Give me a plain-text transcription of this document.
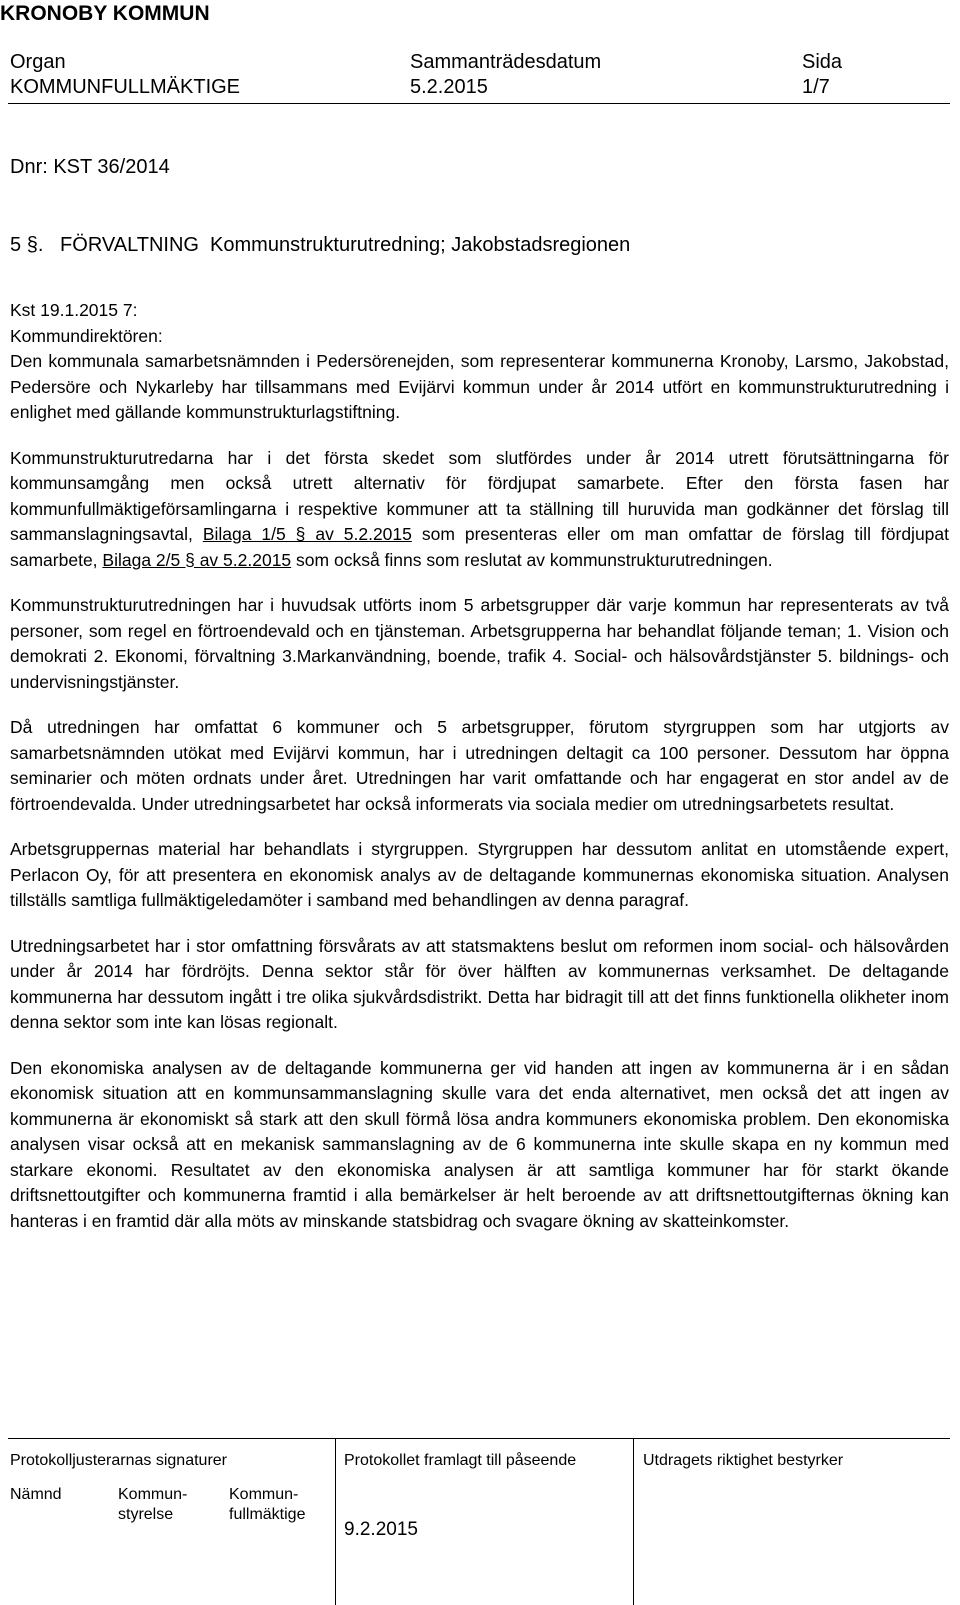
KRONOBY KOMMUN
Organ
KOMMUNFULLMÄKTIGE
Sammanträdesdatum
5.2.2015
Sida
1/7
Dnr: KST 36/2014
5 §.   FÖRVALTNING  Kommunstrukturutredning; Jakobstadsregionen

Kst 19.1.2015 7:

Kommundirektören:

Den kommunala samarbetsnämnden i Pedersörenejden, som representerar kommunerna Kronoby, Larsmo, Jakobstad, Pedersöre och Nykarleby har tillsammans med Evijärvi kommun under år 2014 utfört en kommunstrukturutredning i enlighet med gällande kommunstrukturlagstiftning.

Kommunstrukturutredarna har i det första skedet som slutfördes under år 2014 utrett förutsättningarna för kommunsamgång men också utrett alternativ för fördjupat samarbete. Efter den första fasen har kommunfullmäktigeförsamlingarna i respektive kommuner att ta ställning till huruvida man godkänner det förslag till sammanslagningsavtal, Bilaga 1/5 § av 5.2.2015 som presenteras eller om man omfattar de förslag till fördjupat samarbete, Bilaga 2/5 § av 5.2.2015 som också finns som reslutat av kommunstrukturutredningen.

Kommunstrukturutredningen har i huvudsak utförts inom 5 arbetsgrupper där varje kommun har representerats av två personer, som regel en förtroendevald och en tjänsteman. Arbetsgrupperna har behandlat följande teman; 1. Vision och demokrati 2. Ekonomi, förvaltning 3.Markanvändning, boende, trafik 4. Social- och hälsovårdstjänster 5. bildnings- och undervisningstjänster.

Då utredningen har omfattat 6 kommuner och 5 arbetsgrupper, förutom styrgruppen som har utgjorts av samarbetsnämnden utökat med Evijärvi kommun, har i utredningen deltagit ca 100 personer. Dessutom har öppna seminarier och möten ordnats under året. Utredningen har varit omfattande och har engagerat en stor andel av de förtroendevalda. Under utredningsarbetet har också informerats via sociala medier om utredningsarbetets resultat.

Arbetsgruppernas material har behandlats i styrgruppen. Styrgruppen har dessutom anlitat en utomstående expert, Perlacon Oy, för att presentera en ekonomisk analys av de deltagande kommunernas ekonomiska situation. Analysen tillställs samtliga fullmäktigeledamöter i samband med behandlingen av denna paragraf.

Utredningsarbetet har i stor omfattning försvårats av att statsmaktens beslut om reformen inom social- och hälsovården under år 2014 har fördröjts. Denna sektor står för över hälften av kommunernas verksamhet. De deltagande kommunerna har dessutom ingått i tre olika sjukvårdsdistrikt. Detta har bidragit till att det finns funktionella olikheter inom denna sektor som inte kan lösas regionalt.

Den ekonomiska analysen av de deltagande kommunerna ger vid handen att ingen av kommunerna är i en sådan ekonomisk situation att en kommunsammanslagning skulle vara det enda alternativet, men också det att ingen av kommunerna är ekonomiskt så stark att den skull förmå lösa andra kommuners ekonomiska problem. Den ekonomiska analysen visar också att en mekanisk sammanslagning av de 6 kommunerna inte skulle skapa en ny kommun med starkare ekonomi. Resultatet av den ekonomiska analysen är att samtliga kommuner har för starkt ökande driftsnettoutgifter och kommunerna framtid i alla bemärkelser är helt beroende av att driftsnettoutgifternas ökning kan hanteras i en framtid där alla möts av minskande statsbidrag och svagare ökning av skatteinkomster.

Protokolljusterarnas signaturer
Nämnd	Kommun-
styrelse
Kommun-
fullmäktige
Protokollet framlagt till påseende
9.2.2015
Utdragets riktighet bestyrker
